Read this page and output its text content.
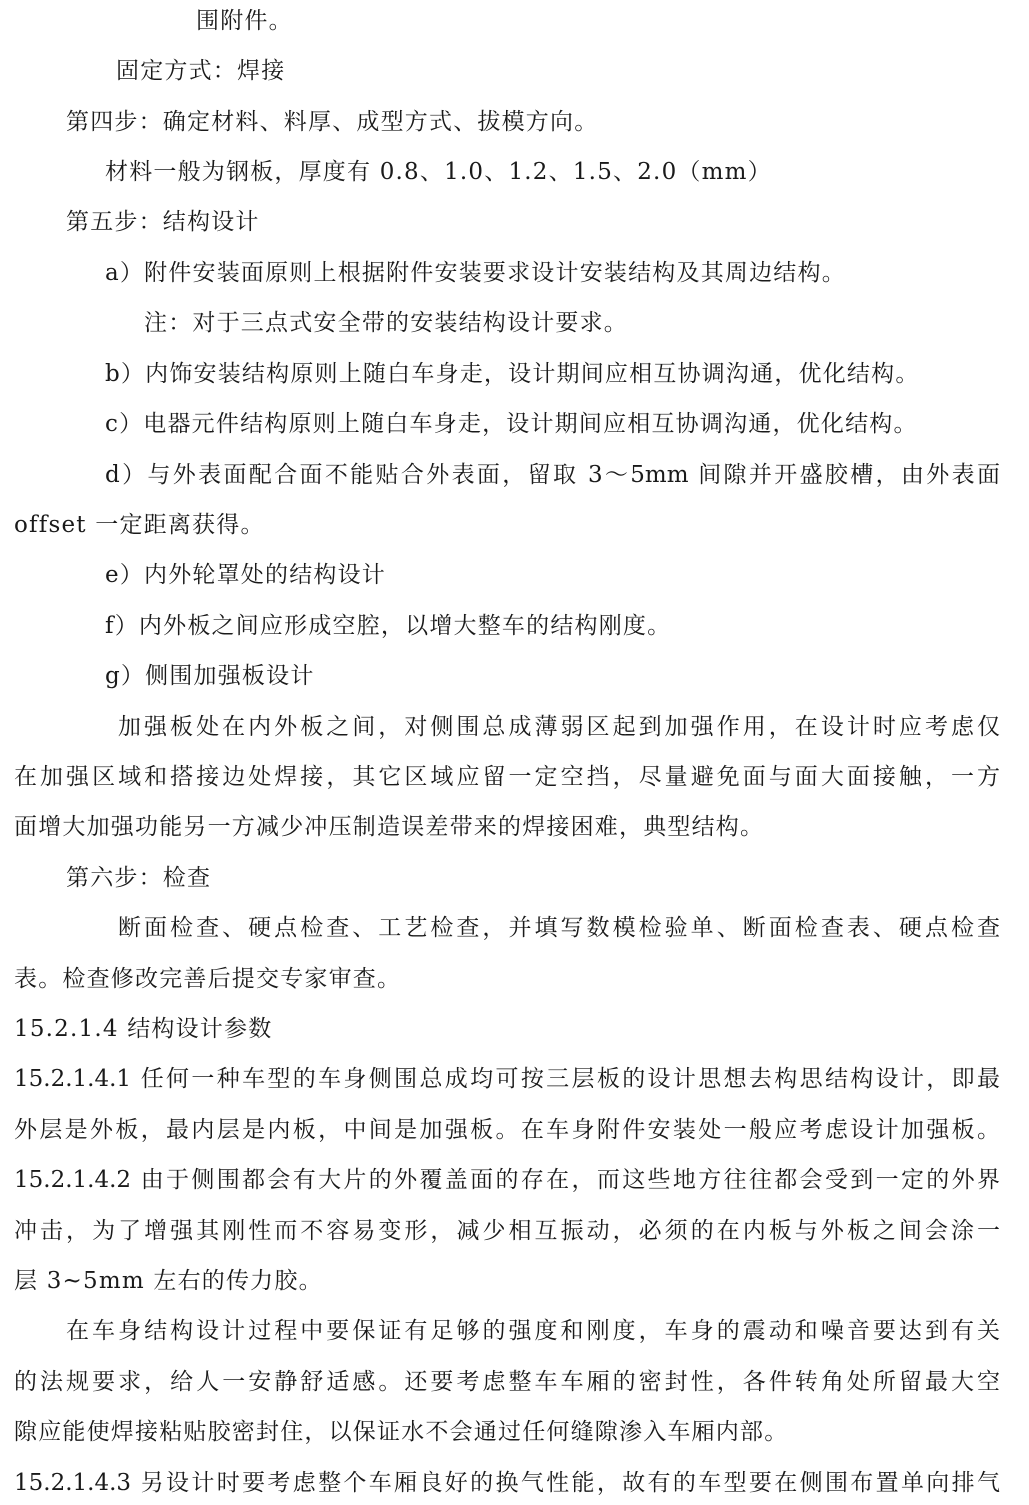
围附件。
固定方式：焊接
第四步：确定材料、料厚、成型方式、拔模方向。
材料一般为钢板，厚度有 0.8、1.0、1.2、1.5、2.0（mm）
第五步：结构设计
a）附件安装面原则上根据附件安装要求设计安装结构及其周边结构。
注：对于三点式安全带的安装结构设计要求。
b）内饰安装结构原则上随白车身走，设计期间应相互协调沟通，优化结构。
c）电器元件结构原则上随白车身走，设计期间应相互协调沟通，优化结构。
d）与外表面配合面不能贴合外表面，留取 3～5mm 间隙并开盛胶槽，由外表面
offset 一定距离获得。
e）内外轮罩处的结构设计
f）内外板之间应形成空腔，以增大整车的结构刚度。
g）侧围加强板设计
加强板处在内外板之间，对侧围总成薄弱区起到加强作用，在设计时应考虑仅
在加强区域和搭接边处焊接，其它区域应留一定空挡，尽量避免面与面大面接触，一方
面增大加强功能另一方减少冲压制造误差带来的焊接困难，典型结构。
第六步：检查
断面检查、硬点检查、工艺检查，并填写数模检验单、断面检查表、硬点检查
表。检查修改完善后提交专家审查。
15.2.1.4 结构设计参数
15.2.1.4.1 任何一种车型的车身侧围总成均可按三层板的设计思想去构思结构设计，即最
外层是外板，最内层是内板，中间是加强板。在车身附件安装处一般应考虑设计加强板。
15.2.1.4.2 由于侧围都会有大片的外覆盖面的存在，而这些地方往往都会受到一定的外界
冲击，为了增强其刚性而不容易变形，减少相互振动，必须的在内板与外板之间会涂一
层 3~5mm 左右的传力胶。
在车身结构设计过程中要保证有足够的强度和刚度，车身的震动和噪音要达到有关
的法规要求，给人一安静舒适感。还要考虑整车车厢的密封性，各件转角处所留最大空
隙应能使焊接粘贴胶密封住，以保证水不会通过任何缝隙渗入车厢内部。
15.2.1.4.3 另设计时要考虑整个车厢良好的换气性能，故有的车型要在侧围布置单向排气
